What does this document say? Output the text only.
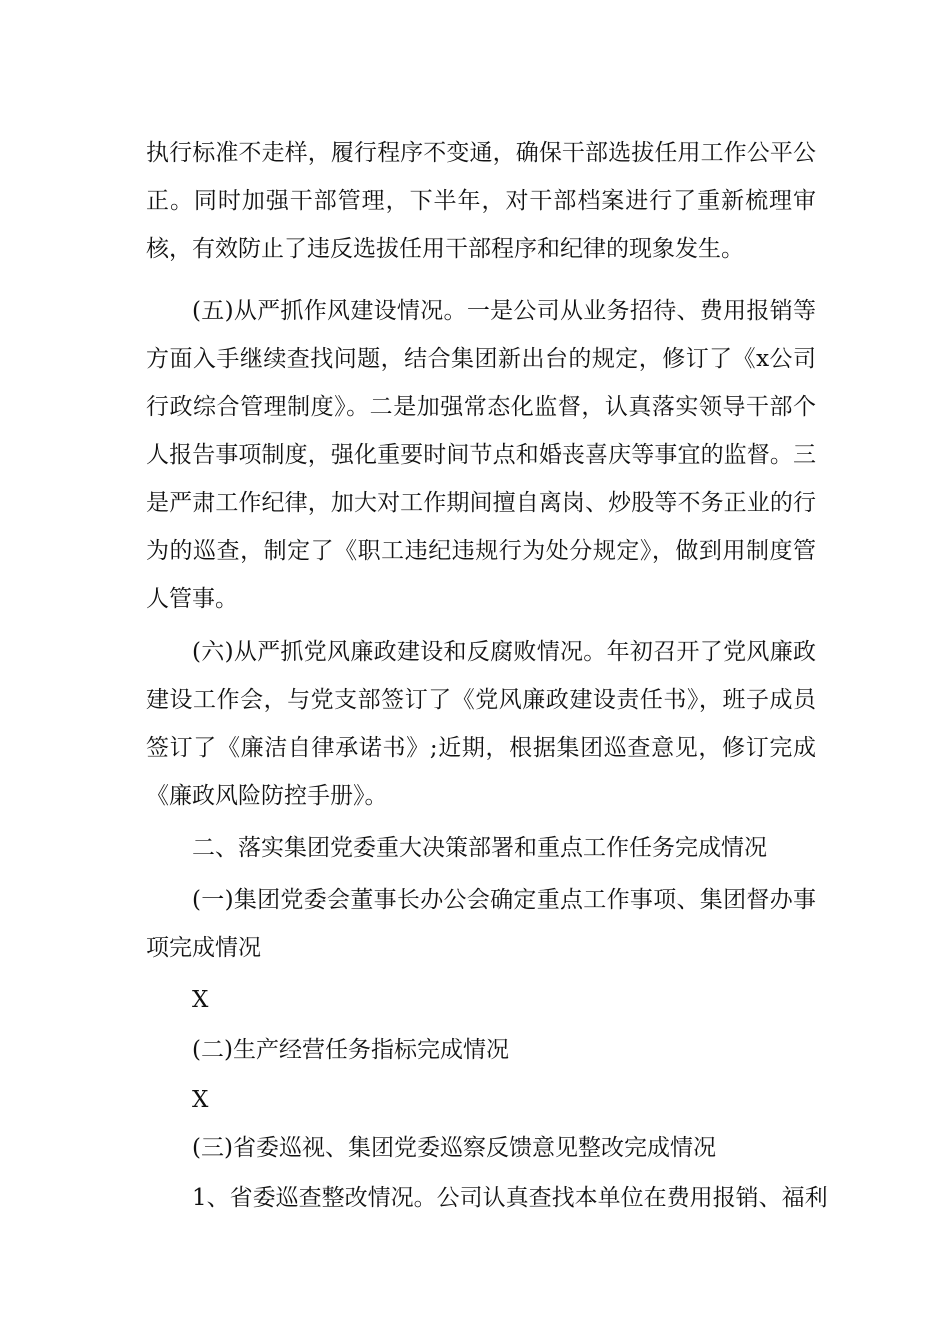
执行标准不走样，履行程序不变通，确保干部选拔任用工作公平公
正。同时加强干部管理，下半年，对干部档案进行了重新梳理审
核，有效防止了违反选拔任用干部程序和纪律的现象发生。
(五)从严抓作风建设情况。一是公司从业务招待、费用报销等
方面入手继续查找问题，结合集团新出台的规定，修订了《x公司
行政综合管理制度》。二是加强常态化监督，认真落实领导干部个
人报告事项制度，强化重要时间节点和婚丧喜庆等事宜的监督。三
是严肃工作纪律，加大对工作期间擅自离岗、炒股等不务正业的行
为的巡查，制定了《职工违纪违规行为处分规定》，做到用制度管
人管事。
(六)从严抓党风廉政建设和反腐败情况。年初召开了党风廉政
建设工作会，与党支部签订了《党风廉政建设责任书》，班子成员
签订了《廉洁自律承诺书》;近期，根据集团巡查意见，修订完成
《廉政风险防控手册》。
二、落实集团党委重大决策部署和重点工作任务完成情况
(一)集团党委会董事长办公会确定重点工作事项、集团督办事
项完成情况
X
(二)生产经营任务指标完成情况
X
(三)省委巡视、集团党委巡察反馈意见整改完成情况
1、省委巡查整改情况。公司认真查找本单位在费用报销、福利
